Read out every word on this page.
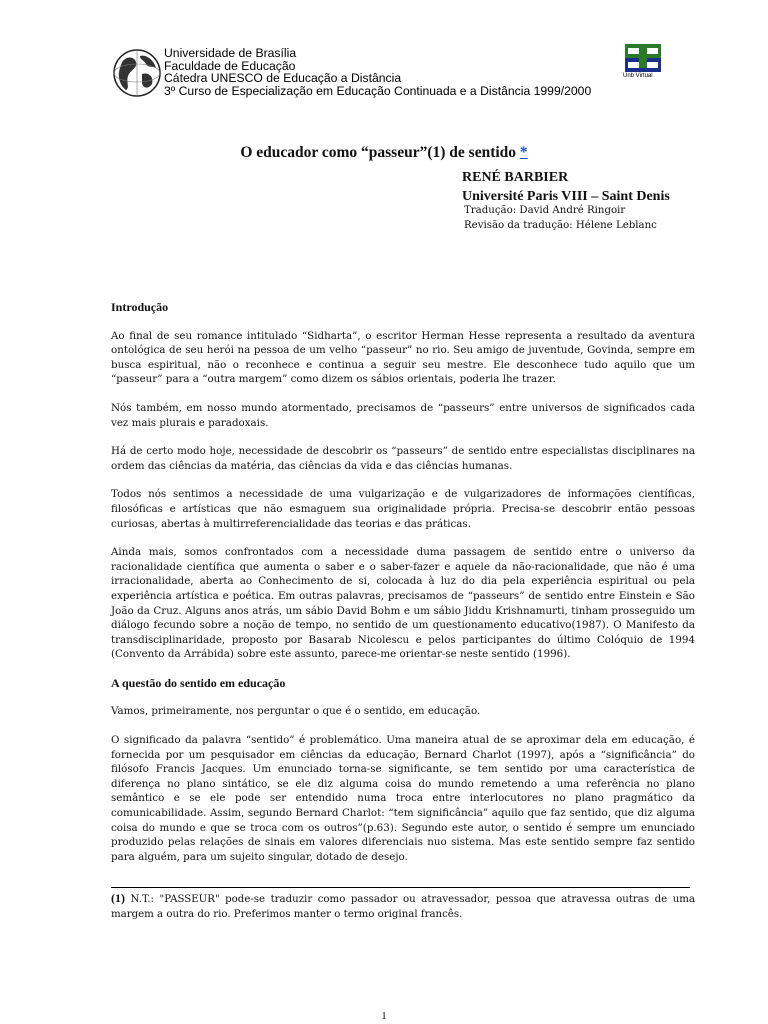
Universidade de Brasília
Faculdade de Educação
Cátedra UNESCO de Educação a Distância
3º Curso de Especialização em Educação Continuada e a Distância 1999/2000
Unb Virtual
O educador como “passeur”(1) de sentido *
RENÉ BARBIER
Université Paris VIII – Saint Denis
Tradução: David André Ringoir
Revisão da tradução: Hélene Leblanc
Introdução

Ao final de seu romance intitulado “Sidharta”, o escritor Herman Hesse representa a resultado da aventura ontológica de seu herói na pessoa de um velho “passeur” no rio. Seu amigo de juventude, Govinda, sempre em busca espiritual, não o reconhece e continua a seguir seu mestre. Ele desconhece tudo aquilo que um “passeur” para a “outra margem” como dizem os sábios orientais, poderia lhe trazer.

Nós também, em nosso mundo atormentado, precisamos de “passeurs” entre universos de significados cada vez mais plurais e paradoxais.

Há de certo modo hoje, necessidade de descobrir os “passeurs” de sentido entre especialistas disciplinares na ordem das ciências da matéria, das ciências da vida e das ciências humanas.

Todos nós sentimos a necessidade de uma vulgarização e de vulgarizadores de informações científicas, filosóficas e artísticas que não esmaguem sua originalidade própria. Precisa-se descobrir então pessoas curiosas, abertas à multirreferencialidade das teorias e das práticas.

Ainda mais, somos confrontados com a necessidade duma passagem de sentido entre o universo da racionalidade científica que aumenta o saber e o saber-fazer e aquele da não-racionalidade, que não é uma irracionalidade, aberta ao Conhecimento de si, colocada à luz do dia pela experiência espiritual ou pela experiência artística e poética. Em outras palavras, precisamos de “passeurs” de sentido entre Einstein e São João da Cruz. Alguns anos atrás, um sábio David Bohm e um sábio Jiddu Krishnamurti, tinham prosseguido um diálogo fecundo sobre a noção de tempo, no sentido de um questionamento educativo(1987). O Manifesto da transdisciplinaridade, proposto por Basarab Nicolescu e pelos participantes do último Colóquio de 1994 (Convento da Arrábida) sobre este assunto, parece-me orientar-se neste sentido (1996).

A questão do sentido em educação

Vamos, primeiramente, nos perguntar o que é o sentido, em educação.

O significado da palavra “sentido” é problemático. Uma maneira atual de se aproximar dela em educação, é fornecida por um pesquisador em ciências da educação, Bernard Charlot (1997), após a “significância” do filósofo Francis Jacques. Um enunciado torna-se significante, se tem sentido por uma característica de diferença no plano sintático, se ele diz alguma coisa do mundo remetendo a uma referência no plano semântico e se ele pode ser entendido numa troca entre interlocutores no plano pragmático da comunicabilidade. Assim, segundo Bernard Charlot: “tem significância” aquilo que faz sentido, que diz alguma coisa do mundo e que se troca com os outros”(p.63). Segundo este autor, o sentido é sempre um enunciado produzido pelas relações de sinais em valores diferenciais nuo sistema. Mas este sentido sempre faz sentido para alguém, para um sujeito singular, dotado de desejo.

(1) N.T.: "PASSEUR" pode-se traduzir como passador ou atravessador, pessoa que atravessa outras de uma margem a outra do rio. Preferimos manter o termo original francês.
1
